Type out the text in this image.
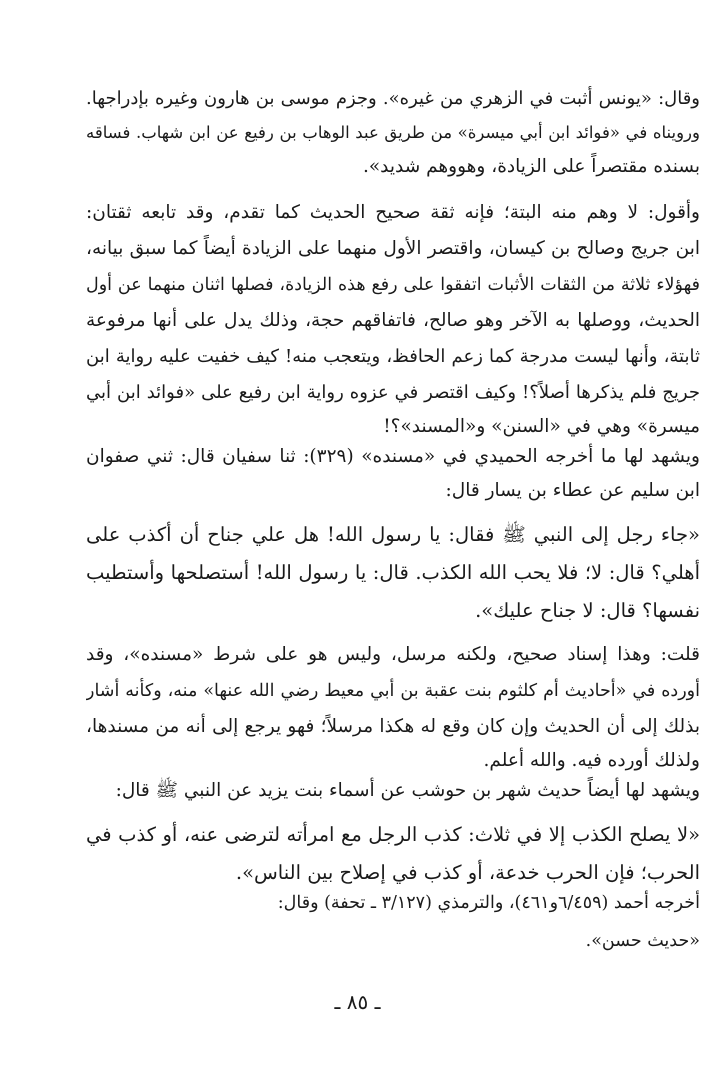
وقال: «يونس أثبت في الزهري من غيره». وجزم موسى بن هارون وغيره بإدراجها.
ورويناه في «فوائد ابن أبي ميسرة» من طريق عبد الوهاب بن رفيع عن ابن شهاب. فساقه
بسنده مقتصراً على الزيادة، وهووهم شديد».
وأقول: لا وهم منه البتة؛ فإنه ثقة صحيح الحديث كما تقدم، وقد تابعه ثقتان:
ابن جريج وصالح بن كيسان، واقتصر الأول منهما على الزيادة أيضاً كما سبق بيانه،
فهؤلاء ثلاثة من الثقات الأثبات اتفقوا على رفع هذه الزيادة، فصلها اثنان منهما عن أول
الحديث، ووصلها به الآخر وهو صالح، فاتفاقهم حجة، وذلك يدل على أنها مرفوعة
ثابتة، وأنها ليست مدرجة كما زعم الحافظ، ويتعجب منه! كيف خفيت عليه رواية ابن
جريج فلم يذكرها أصلاً؟! وكيف اقتصر في عزوه رواية ابن رفيع على «فوائد ابن أبي
ميسرة» وهي في «السنن» و«المسند»؟!
ويشهد لها ما أخرجه الحميدي في «مسنده» (٣٢٩): ثنا سفيان قال: ثني صفوان
ابن سليم عن عطاء بن يسار قال:
«جاء رجل إلى النبي ﷺ فقال: يا رسول الله! هل علي جناح أن أكذب على
أهلي؟ قال: لا؛ فلا يحب الله الكذب. قال: يا رسول الله! أستصلحها وأستطيب
نفسها؟ قال: لا جناح عليك».
قلت: وهذا إسناد صحيح، ولكنه مرسل، وليس هو على شرط «مسنده»، وقد
أورده في «أحاديث أم كلثوم بنت عقبة بن أبي معيط رضي الله عنها» منه، وكأنه أشار
بذلك إلى أن الحديث وإن كان وقع له هكذا مرسلاً؛ فهو يرجع إلى أنه من مسندها،
ولذلك أورده فيه. والله أعلم.
ويشهد لها أيضاً حديث شهر بن حوشب عن أسماء بنت يزيد عن النبي ﷺ قال:
«لا يصلح الكذب إلا في ثلاث: كذب الرجل مع امرأته لترضى عنه، أو كذب في
الحرب؛ فإن الحرب خدعة، أو كذب في إصلاح بين الناس».
أخرجه أحمد (٦/٤٥٩و٤٦١)، والترمذي (٣/١٢٧ ـ تحفة) وقال:
«حديث حسن».
ـ ٨٥ ـ
